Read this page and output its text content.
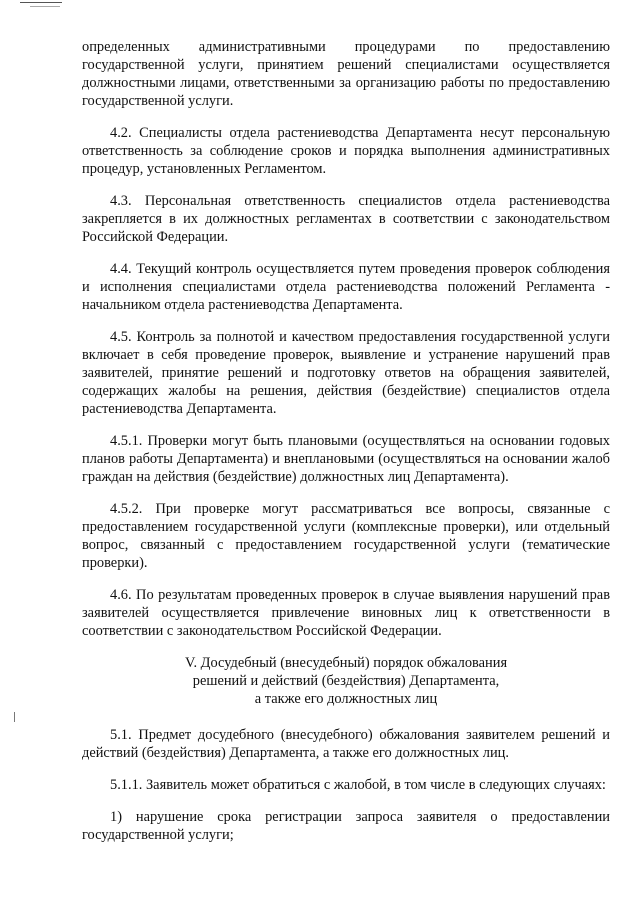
определенных административными процедурами по предоставлению государственной услуги, принятием решений специалистами осуществляется должностными лицами, ответственными за организацию работы по предоставлению государственной услуги.

4.2. Специалисты отдела растениеводства Департамента несут персональную ответственность за соблюдение сроков и порядка выполнения административных процедур, установленных Регламентом.

4.3. Персональная ответственность специалистов отдела растениеводства закрепляется в их должностных регламентах в соответствии с законодательством Российской Федерации.

4.4. Текущий контроль осуществляется путем проведения проверок соблюдения и исполнения специалистами отдела растениеводства положений Регламента - начальником отдела растениеводства Департамента.

4.5. Контроль за полнотой и качеством предоставления государственной услуги включает в себя проведение проверок, выявление и устранение нарушений прав заявителей, принятие решений и подготовку ответов на обращения заявителей, содержащих жалобы на решения, действия (бездействие) специалистов отдела растениеводства Департамента.

4.5.1. Проверки могут быть плановыми (осуществляться на основании годовых планов работы Департамента) и внеплановыми (осуществляться на основании жалоб граждан на действия (бездействие) должностных лиц Департамента).

4.5.2. При проверке могут рассматриваться все вопросы, связанные с предоставлением государственной услуги (комплексные проверки), или отдельный вопрос, связанный с предоставлением государственной услуги (тематические проверки).

4.6. По результатам проведенных проверок в случае выявления нарушений прав заявителей осуществляется привлечение виновных лиц к ответственности в соответствии с законодательством Российской Федерации.

V. Досудебный (внесудебный) порядок обжалования
решений и действий (бездействия) Департамента,
а также его должностных лиц

5.1. Предмет досудебного (внесудебного) обжалования заявителем решений и действий (бездействия) Департамента, а также его должностных лиц.

5.1.1. Заявитель может обратиться с жалобой, в том числе в следующих случаях:

1) нарушение срока регистрации запроса заявителя о предоставлении государственной услуги;
